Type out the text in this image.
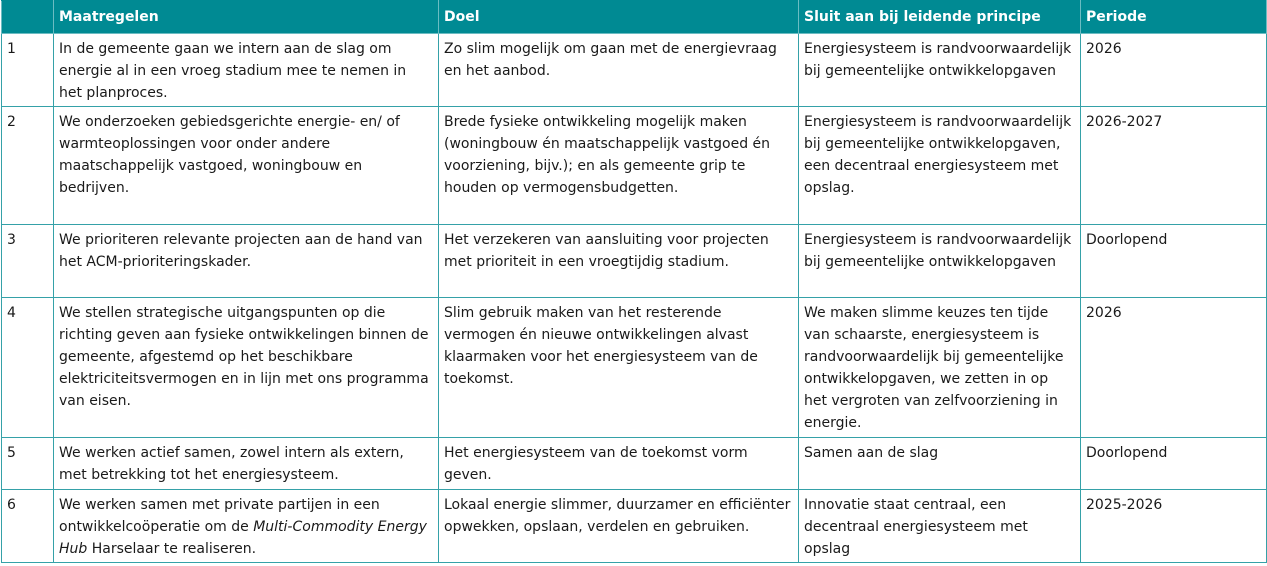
	Maatregelen	Doel	Sluit aan bij leidende principe	Periode
1	In de gemeente gaan we intern aan de slag om energie al in een vroeg stadium mee te nemen in het planproces.	Zo slim mogelijk om gaan met de energievraag en het aanbod.	Energiesysteem is randvoorwaardelijk bij gemeentelijke ontwikkelopgaven	2026
2	We onderzoeken gebiedsgerichte energie- en/ of warmteoplossingen voor onder andere maatschappelijk vastgoed, woningbouw en bedrijven.	Brede fysieke ontwikkeling mogelijk maken (woningbouw én maatschappelijk vastgoed én voorziening, bijv.); en als gemeente grip te houden op vermogensbudgetten.	Energiesysteem is randvoorwaardelijk bij gemeentelijke ontwikkelopgaven, een decentraal energiesysteem met opslag.	2026-2027
3	We prioriteren relevante projecten aan de hand van het ACM-prioriteringskader.	Het verzekeren van aansluiting voor projecten met prioriteit in een vroegtijdig stadium.	Energiesysteem is randvoorwaardelijk bij gemeentelijke ontwikkelopgaven	Doorlopend
4	We stellen strategische uitgangspunten op die richting geven aan fysieke ontwikkelingen binnen de gemeente, afgestemd op het beschikbare elektriciteitsvermogen en in lijn met ons programma van eisen.	Slim gebruik maken van het resterende vermogen én nieuwe ontwikkelingen alvast klaarmaken voor het energiesysteem van de toekomst.	We maken slimme keuzes ten tijde van schaarste, energiesysteem is randvoorwaardelijk bij gemeentelijke ontwikkelopgaven, we zetten in op het vergroten van zelfvoorziening in energie.	2026
5	We werken actief samen, zowel intern als extern, met betrekking tot het energiesysteem.	Het energiesysteem van de toekomst vorm geven.	Samen aan de slag	Doorlopend
6	We werken samen met private partijen in een ontwikkelcoöperatie om de Multi-Commodity Energy Hub Harselaar te realiseren.	Lokaal energie slimmer, duurzamer en efficiënter opwekken, opslaan, verdelen en gebruiken.	Innovatie staat centraal, een decentraal energiesysteem met opslag	2025-2026
